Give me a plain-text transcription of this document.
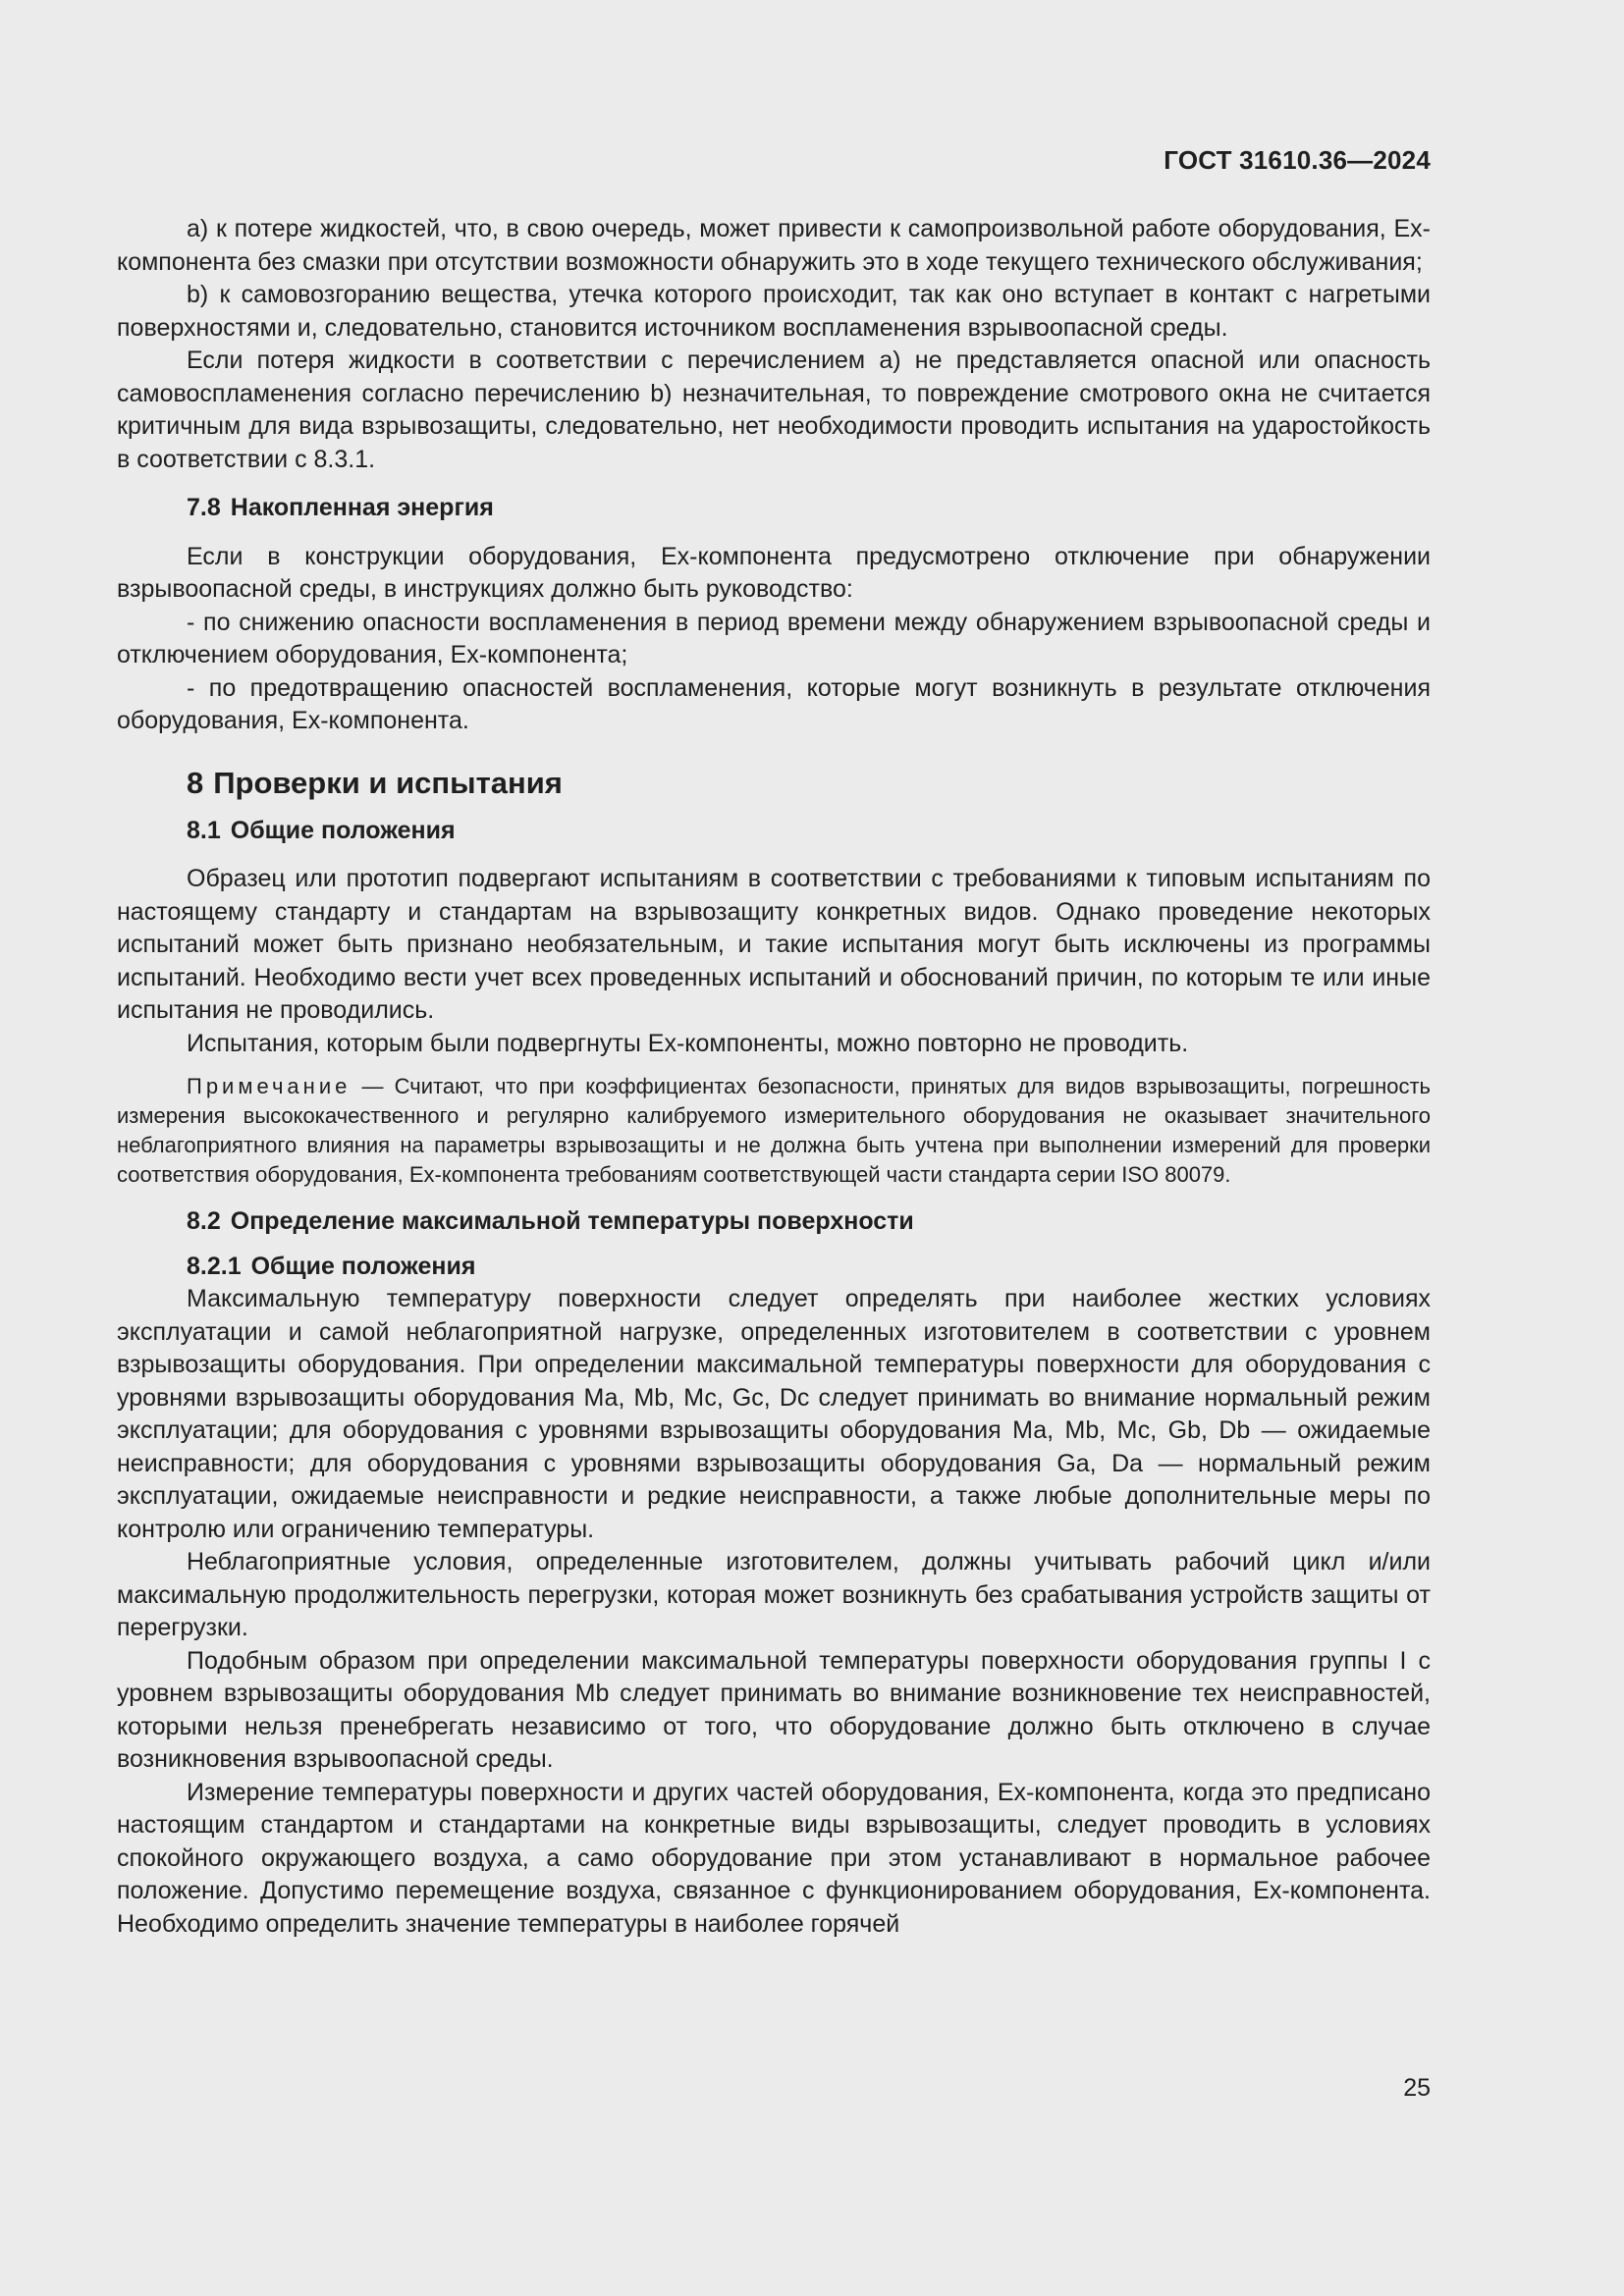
ГОСТ 31610.36—2024

а) к потере жидкостей, что, в свою очередь, может привести к самопроизвольной работе оборудования, Ex-компонента без смазки при отсутствии возможности обнаружить это в ходе текущего технического обслуживания;

b) к самовозгоранию вещества, утечка которого происходит, так как оно вступает в контакт с нагретыми поверхностями и, следовательно, становится источником воспламенения взрывоопасной среды.

Если потеря жидкости в соответствии с перечислением а) не представляется опасной или опасность самовоспламенения согласно перечислению b) незначительная, то повреждение смотрового окна не считается критичным для вида взрывозащиты, следовательно, нет необходимости проводить испытания на ударостойкость в соответствии с 8.3.1.

7.8 Накопленная энергия

Если в конструкции оборудования, Ex-компонента предусмотрено отключение при обнаружении взрывоопасной среды, в инструкциях должно быть руководство:

- по снижению опасности воспламенения в период времени между обнаружением взрывоопасной среды и отключением оборудования, Ex-компонента;

- по предотвращению опасностей воспламенения, которые могут возникнуть в результате отключения оборудования, Ex-компонента.

8 Проверки и испытания
8.1 Общие положения

Образец или прототип подвергают испытаниям в соответствии с требованиями к типовым испытаниям по настоящему стандарту и стандартам на взрывозащиту конкретных видов. Однако проведение некоторых испытаний может быть признано необязательным, и такие испытания могут быть исключены из программы испытаний. Необходимо вести учет всех проведенных испытаний и обоснований причин, по которым те или иные испытания не проводились.

Испытания, которым были подвергнуты Ex-компоненты, можно повторно не проводить.

Примечание — Считают, что при коэффициентах безопасности, принятых для видов взрывозащиты, погрешность измерения высококачественного и регулярно калибруемого измерительного оборудования не оказывает значительного неблагоприятного влияния на параметры взрывозащиты и не должна быть учтена при выполнении измерений для проверки соответствия оборудования, Ex-компонента требованиям соответствующей части стандарта серии ISO 80079.
8.2 Определение максимальной температуры поверхности
8.2.1 Общие положения

Максимальную температуру поверхности следует определять при наиболее жестких условиях эксплуатации и самой неблагоприятной нагрузке, определенных изготовителем в соответствии с уровнем взрывозащиты оборудования. При определении максимальной температуры поверхности для оборудования с уровнями взрывозащиты оборудования Ма, Mb, Мс, Gc, Dc следует принимать во внимание нормальный режим эксплуатации; для оборудования с уровнями взрывозащиты оборудования Ма, Mb, Мс, Gb, Db — ожидаемые неисправности; для оборудования с уровнями взрывозащиты оборудования Ga, Da — нормальный режим эксплуатации, ожидаемые неисправности и редкие неисправности, а также любые дополнительные меры по контролю или ограничению температуры.

Неблагоприятные условия, определенные изготовителем, должны учитывать рабочий цикл и/или максимальную продолжительность перегрузки, которая может возникнуть без срабатывания устройств защиты от перегрузки.

Подобным образом при определении максимальной температуры поверхности оборудования группы I с уровнем взрывозащиты оборудования Mb следует принимать во внимание возникновение тех неисправностей, которыми нельзя пренебрегать независимо от того, что оборудование должно быть отключено в случае возникновения взрывоопасной среды.

Измерение температуры поверхности и других частей оборудования, Ex-компонента, когда это предписано настоящим стандартом и стандартами на конкретные виды взрывозащиты, следует проводить в условиях спокойного окружающего воздуха, а само оборудование при этом устанавливают в нормальное рабочее положение. Допустимо перемещение воздуха, связанное с функционированием оборудования, Ex-компонента. Необходимо определить значение температуры в наиболее горячей

25
